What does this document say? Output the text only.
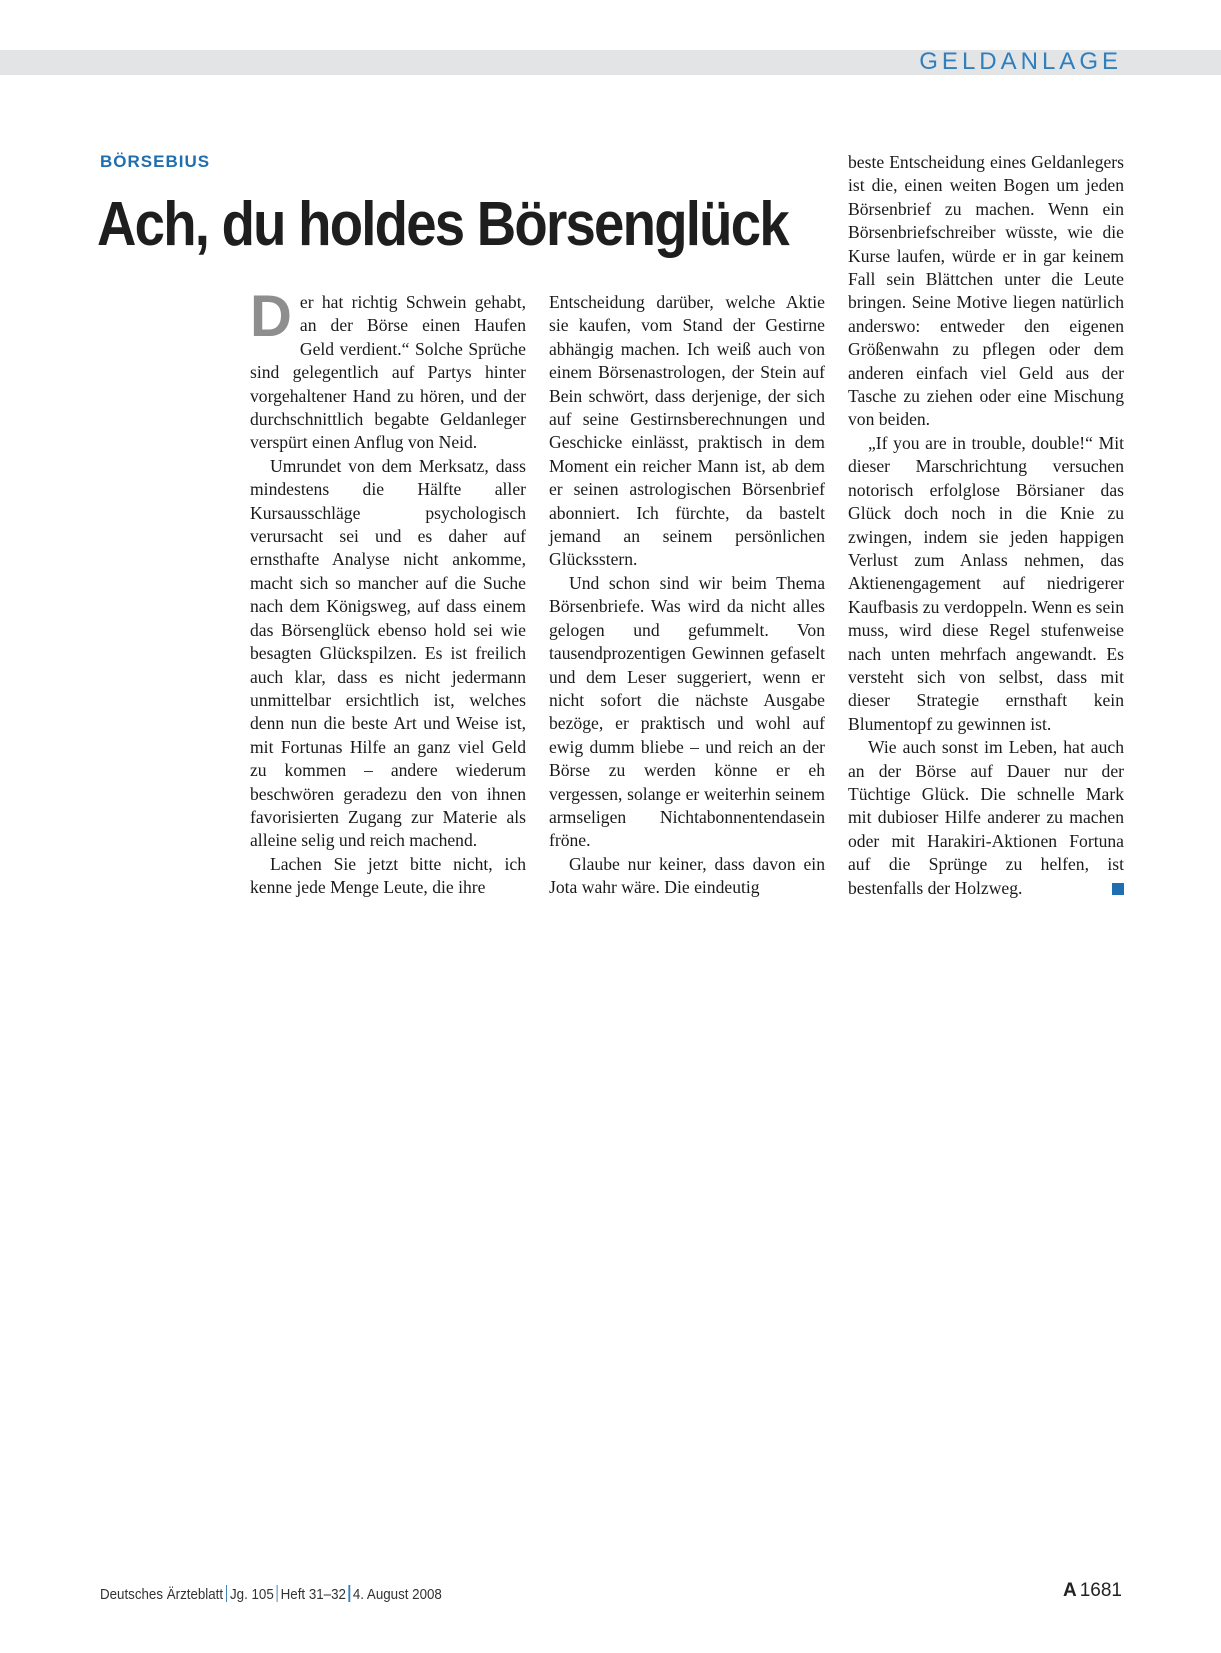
GELDANLAGE
BÖRSEBIUS
Ach, du holdes Börsenglück

Der hat richtig Schwein gehabt, an der Börse einen Haufen Geld verdient.“ Solche Sprüche sind gelegentlich auf Partys hinter vorgehaltener Hand zu hören, und der durchschnittlich begabte Geldanleger verspürt einen Anflug von Neid.

Umrundet von dem Merksatz, dass mindestens die Hälfte aller Kursausschläge psychologisch verursacht sei und es daher auf ernsthafte Analyse nicht ankomme, macht sich so mancher auf die Suche nach dem Königsweg, auf dass einem das Börsenglück ebenso hold sei wie besagten Glückspilzen. Es ist freilich auch klar, dass es nicht jedermann unmittelbar ersichtlich ist, welches denn nun die beste Art und Weise ist, mit Fortunas Hilfe an ganz viel Geld zu kommen – andere wiederum beschwören geradezu den von ihnen favorisierten Zugang zur Materie als alleine selig und reich machend.

Lachen Sie jetzt bitte nicht, ich kenne jede Menge Leute, die ihre

Entscheidung darüber, welche Aktie sie kaufen, vom Stand der Gestirne abhängig machen. Ich weiß auch von einem Börsenastrologen, der Stein auf Bein schwört, dass derjenige, der sich auf seine Gestirnsberechnungen und Geschicke einlässt, praktisch in dem Moment ein reicher Mann ist, ab dem er seinen astrologischen Börsenbrief abonniert. Ich fürchte, da bastelt jemand an seinem persönlichen Glücksstern.

Und schon sind wir beim Thema Börsenbriefe. Was wird da nicht alles gelogen und gefummelt. Von tausendprozentigen Gewinnen gefaselt und dem Leser suggeriert, wenn er nicht sofort die nächste Ausgabe bezöge, er praktisch und wohl auf ewig dumm bliebe – und reich an der Börse zu werden könne er eh vergessen, solange er weiterhin seinem armseligen Nichtabonnentendasein fröne.

Glaube nur keiner, dass davon ein Jota wahr wäre. Die eindeutig

beste Entscheidung eines Geldanlegers ist die, einen weiten Bogen um jeden Börsenbrief zu machen. Wenn ein Börsenbriefschreiber wüsste, wie die Kurse laufen, würde er in gar keinem Fall sein Blättchen unter die Leute bringen. Seine Motive liegen natürlich anderswo: entweder den eigenen Größenwahn zu pflegen oder dem anderen einfach viel Geld aus der Tasche zu ziehen oder eine Mischung von beiden.

„If you are in trouble, double!“ Mit dieser Marschrichtung versuchen notorisch erfolglose Börsianer das Glück doch noch in die Knie zu zwingen, indem sie jeden happigen Verlust zum Anlass nehmen, das Aktienengagement auf niedrigerer Kaufbasis zu verdoppeln. Wenn es sein muss, wird diese Regel stufenweise nach unten mehrfach angewandt. Es versteht sich von selbst, dass mit dieser Strategie ernsthaft kein Blumentopf zu gewinnen ist.

Wie auch sonst im Leben, hat auch an der Börse auf Dauer nur der Tüchtige Glück. Die schnelle Mark mit dubioser Hilfe anderer zu machen oder mit Harakiri-Aktionen Fortuna auf die Sprünge zu helfen, ist bestenfalls der Holzweg.

Deutsches Ärzteblatt Jg. 105 Heft 31–32 4. August 2008	A 1681
